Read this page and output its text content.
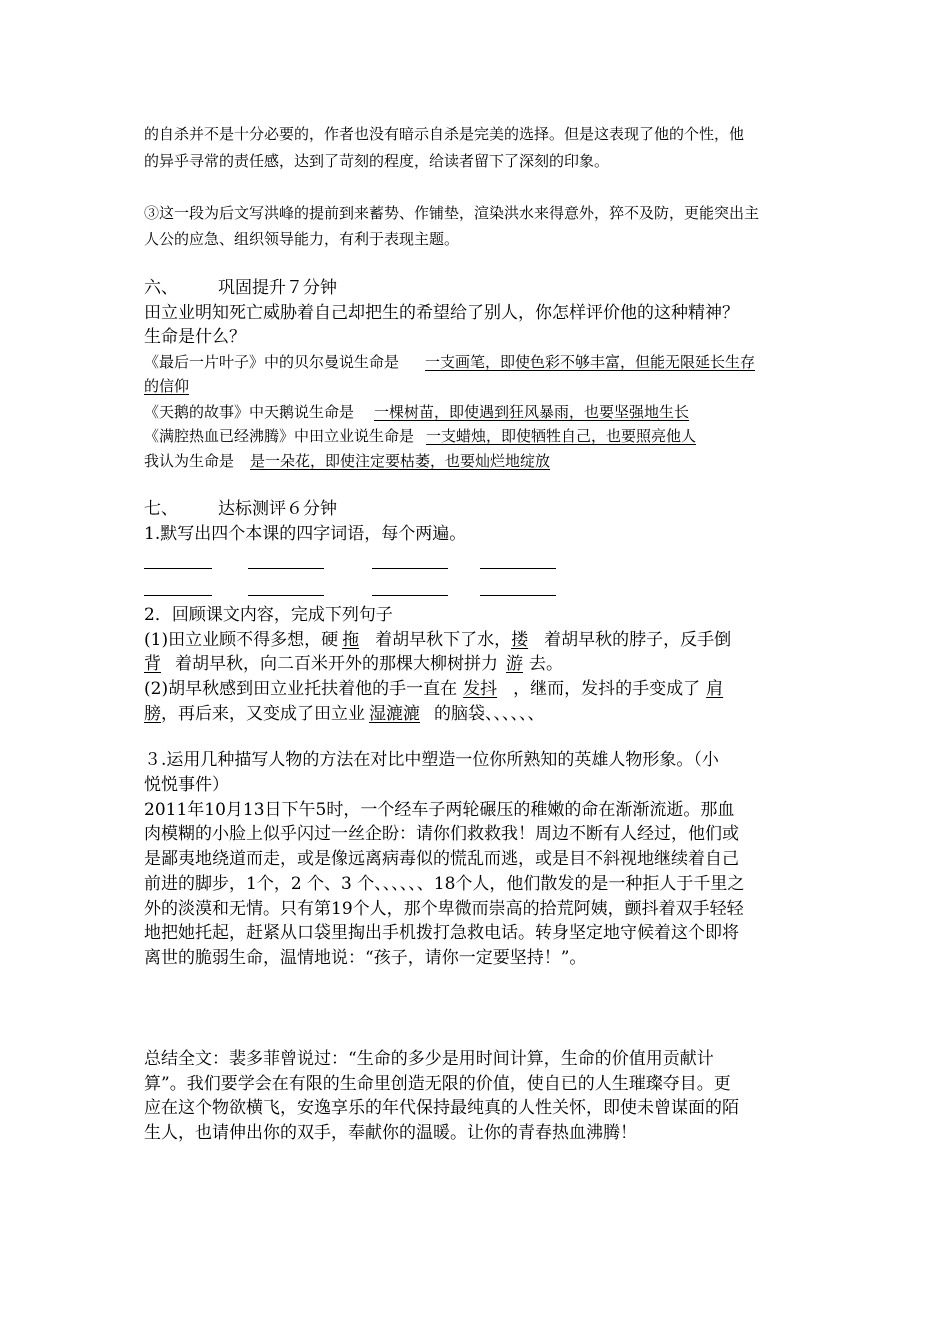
的自杀并不是十分必要的，作者也没有暗示自杀是完美的选择。但是这表现了他的个性，他
的异乎寻常的责任感，达到了苛刻的程度，给读者留下了深刻的印象。
③这一段为后文写洪峰的提前到来蓄势、作铺垫，渲染洪水来得意外，猝不及防，更能突出主
人公的应急、组织领导能力，有利于表现主题。
六、 巩固提升７分钟
田立业明知死亡威胁着自己却把生的希望给了别人，你怎样评价他的这种精神？
生命是什么？
《最后一片叶子》中的贝尔曼说生命是 一支画笔，即使色彩不够丰富，但能无限延长生存
的信仰
《天鹅的故事》中天鹅说生命是 一棵树苗，即使遇到狂风暴雨，也要坚强地生长
《满腔热血已经沸腾》中田立业说生命是 一支蜡烛，即使牺牲自己，也要照亮他人
我认为生命是 是一朵花，即使注定要枯萎，也要灿烂地绽放
七、 达标测评６分钟
1.默写出四个本课的四字词语，每个两遍。
2．回顾课文内容，完成下列句子
(1)田立业顾不得多想，硬 拖 着胡早秋下了水，搂 着胡早秋的脖子，反手倒
背 着胡早秋，向二百米开外的那棵大柳树拼力 游 去。
(2)胡早秋感到田立业托扶着他的手一直在 发抖 ，继而，发抖的手变成了 肩
膀，再后来，又变成了田立业 湿漉漉 的脑袋、、、、、、
３.运用几种描写人物的方法在对比中塑造一位你所熟知的英雄人物形象。（小
悦悦事件）
2011年10月13日下午5时，一个经车子两轮碾压的稚嫩的命在渐渐流逝。那血
肉模糊的小脸上似乎闪过一丝企盼：请你们救救我！周边不断有人经过，他们或
是鄙夷地绕道而走，或是像远离病毒似的慌乱而逃，或是目不斜视地继续着自己
前进的脚步，1个，2 个、3 个、、、、、、18个人，他们散发的是一种拒人于千里之
外的淡漠和无情。只有第19个人，那个卑微而崇高的拾荒阿姨，颤抖着双手轻轻
地把她托起，赶紧从口袋里掏出手机拨打急救电话。转身坚定地守候着这个即将
离世的脆弱生命，温情地说：“孩子，请你一定要坚持！”。
总结全文：裴多菲曾说过：“生命的多少是用时间计算，生命的价值用贡献计
算”。我们要学会在有限的生命里创造无限的价值，使自已的人生璀璨夺目。更
应在这个物欲横飞，安逸享乐的年代保持最纯真的人性关怀，即使未曾谋面的陌
生人，也请伸出你的双手，奉献你的温暖。让你的青春热血沸腾！
